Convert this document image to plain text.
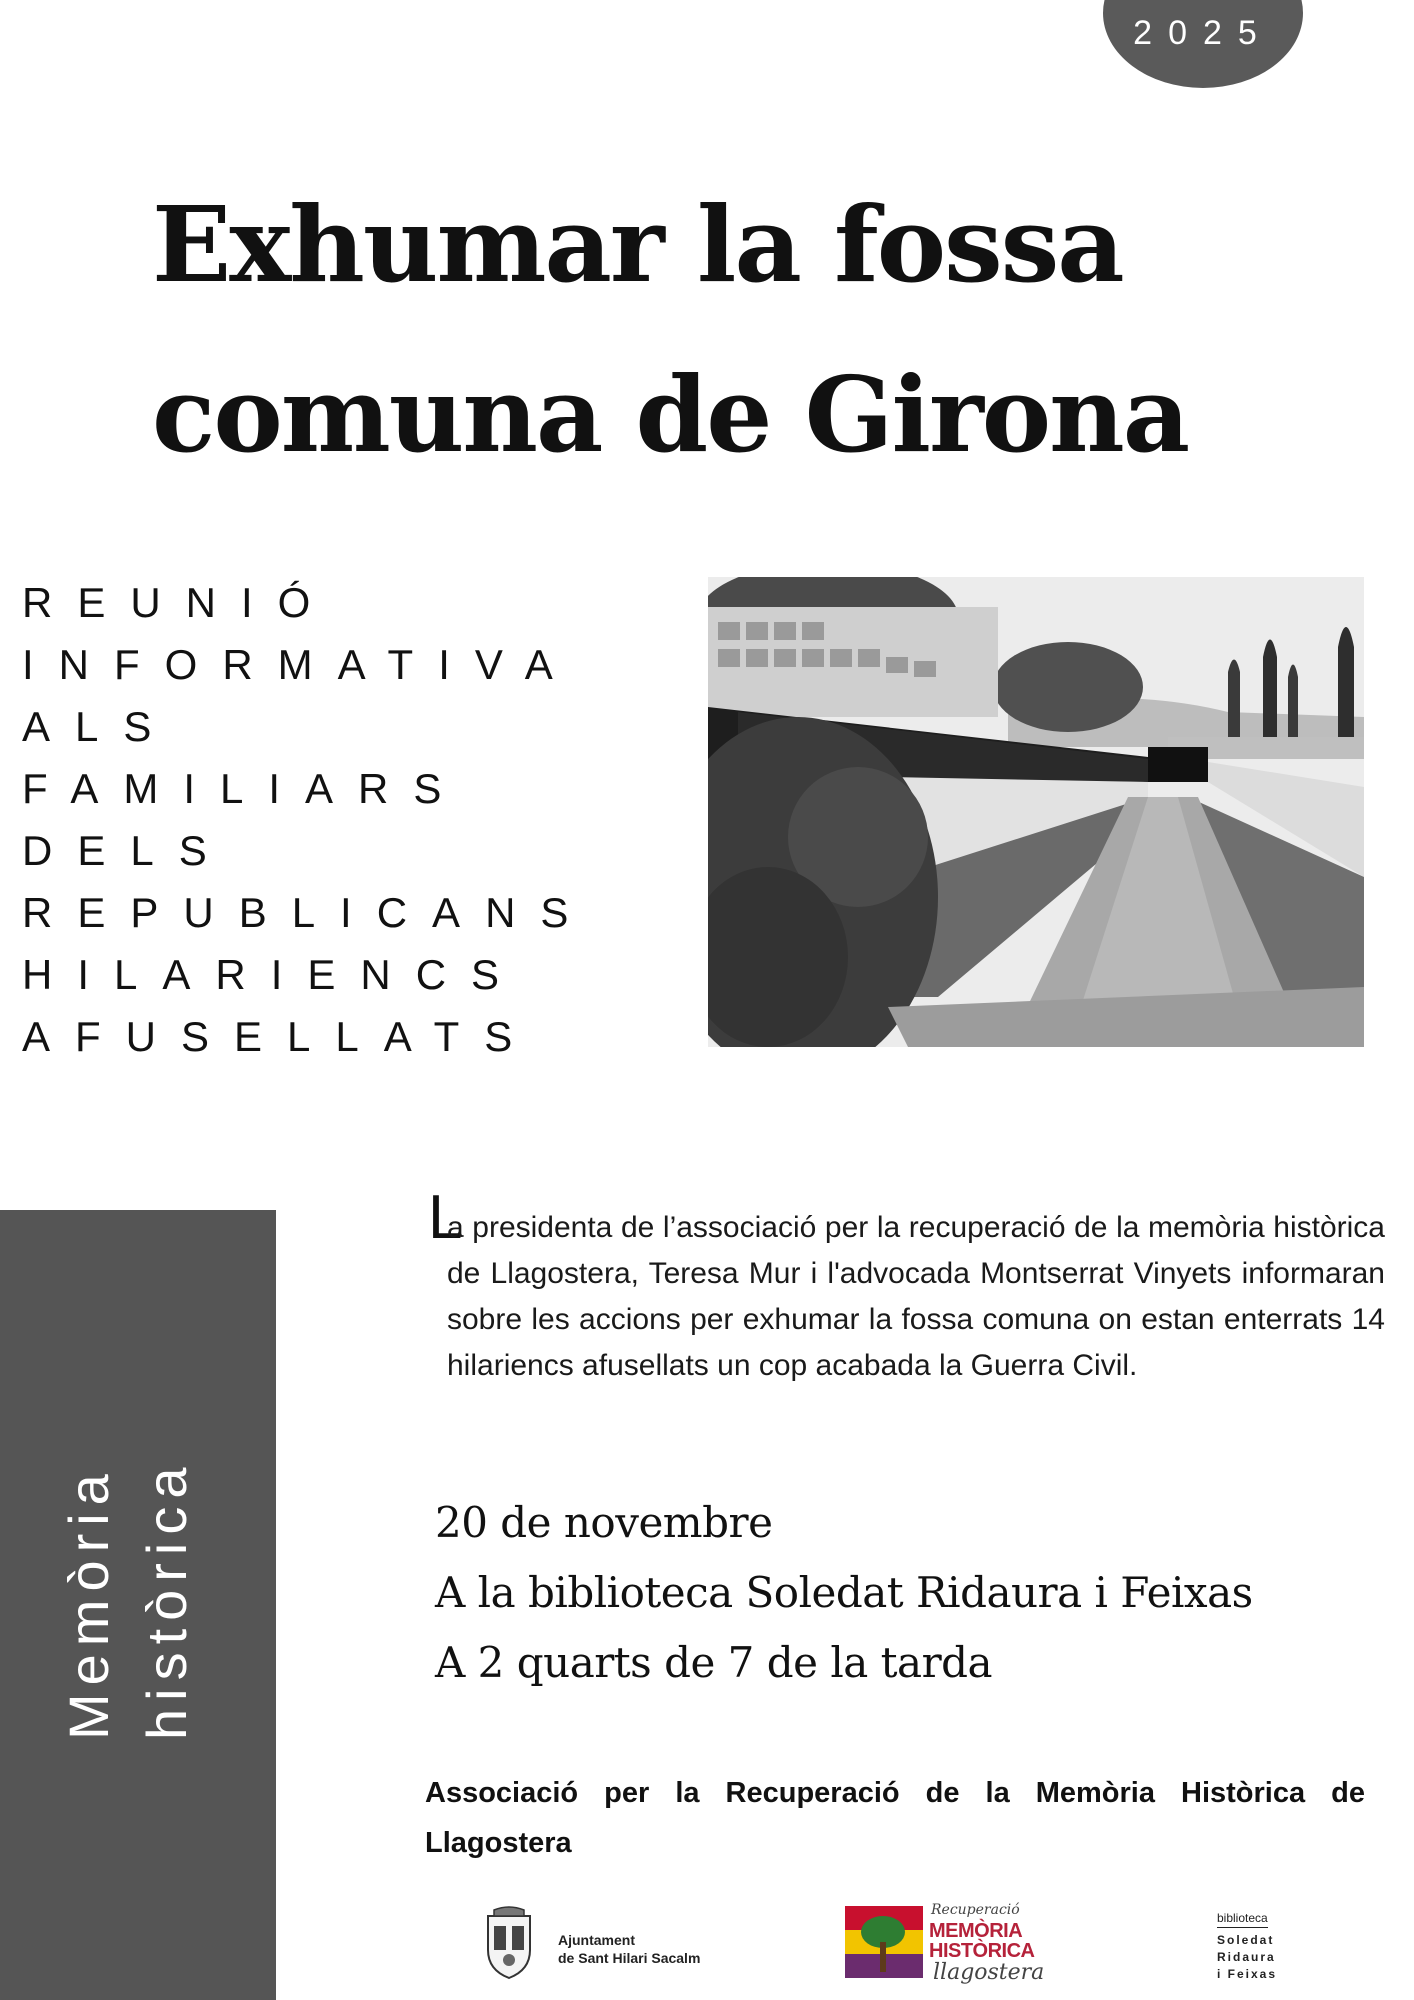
2025
Exhumar la fossa
comuna de Girona
REUNIÓ
INFORMATIVA
ALS
FAMILIARS
DELS
REPUBLICANS
HILARIENCS
AFUSELLATS
Memòria històrica
L

a presidenta de l’associació per la recuperació de la memòria històrica de Llagostera, Teresa Mur i l'advocada Montserrat Vinyets informaran sobre les accions per exhumar la fossa comuna on estan enterrats 14 hilariencs afusellats un cop acabada la Guerra Civil.

20 de novembre
A la biblioteca Soledat Ridaura i Feixas
A 2 quarts de 7 de la tarda

Associació per la Recuperació de la Memòria Històrica de Llagostera

Ajuntament
de Sant Hilari Sacalm
Recuperació
MEMÒRIA
HISTÒRICA
llagostera
biblioteca
Soledat
Ridaura
i Feixas
